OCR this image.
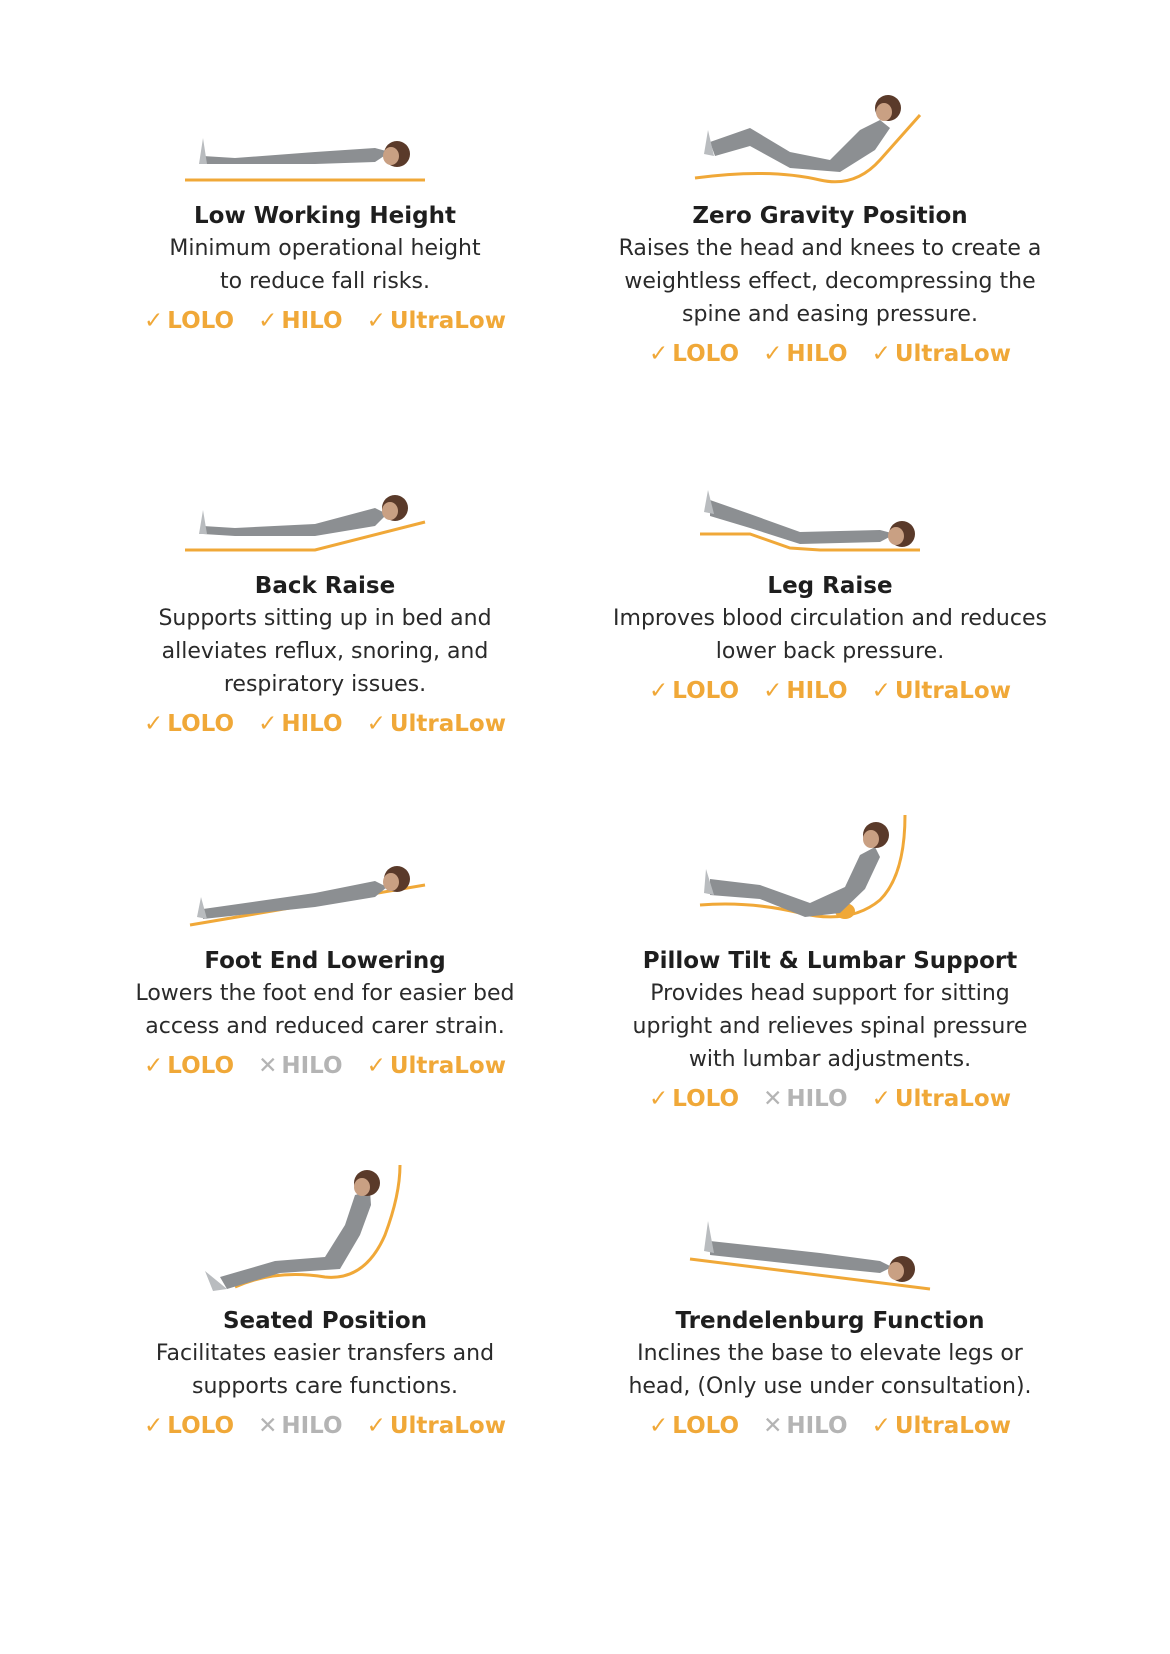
Low Working Height
Minimum operational height
to reduce fall risks.
✓ LOLO ✓ HILO ✓ UltraLow
Zero Gravity Position
Raises the head and knees to create a
weightless effect, decompressing the
spine and easing pressure.
✓ LOLO ✓ HILO ✓ UltraLow
Back Raise
Supports sitting up in bed and
alleviates reflux, snoring, and
respiratory issues.
✓ LOLO ✓ HILO ✓ UltraLow
Leg Raise
Improves blood circulation and reduces
lower back pressure.
✓ LOLO ✓ HILO ✓ UltraLow
Foot End Lowering
Lowers the foot end for easier bed
access and reduced carer strain.
✓ LOLO ✕ HILO ✓ UltraLow
Pillow Tilt & Lumbar Support
Provides head support for sitting
upright and relieves spinal pressure
with lumbar adjustments.
✓ LOLO ✕ HILO ✓ UltraLow
Seated Position
Facilitates easier transfers and
supports care functions.
✓ LOLO ✕ HILO ✓ UltraLow
Trendelenburg Function
Inclines the base to elevate legs or
head, (Only use under consultation).
✓ LOLO ✕ HILO ✓ UltraLow
